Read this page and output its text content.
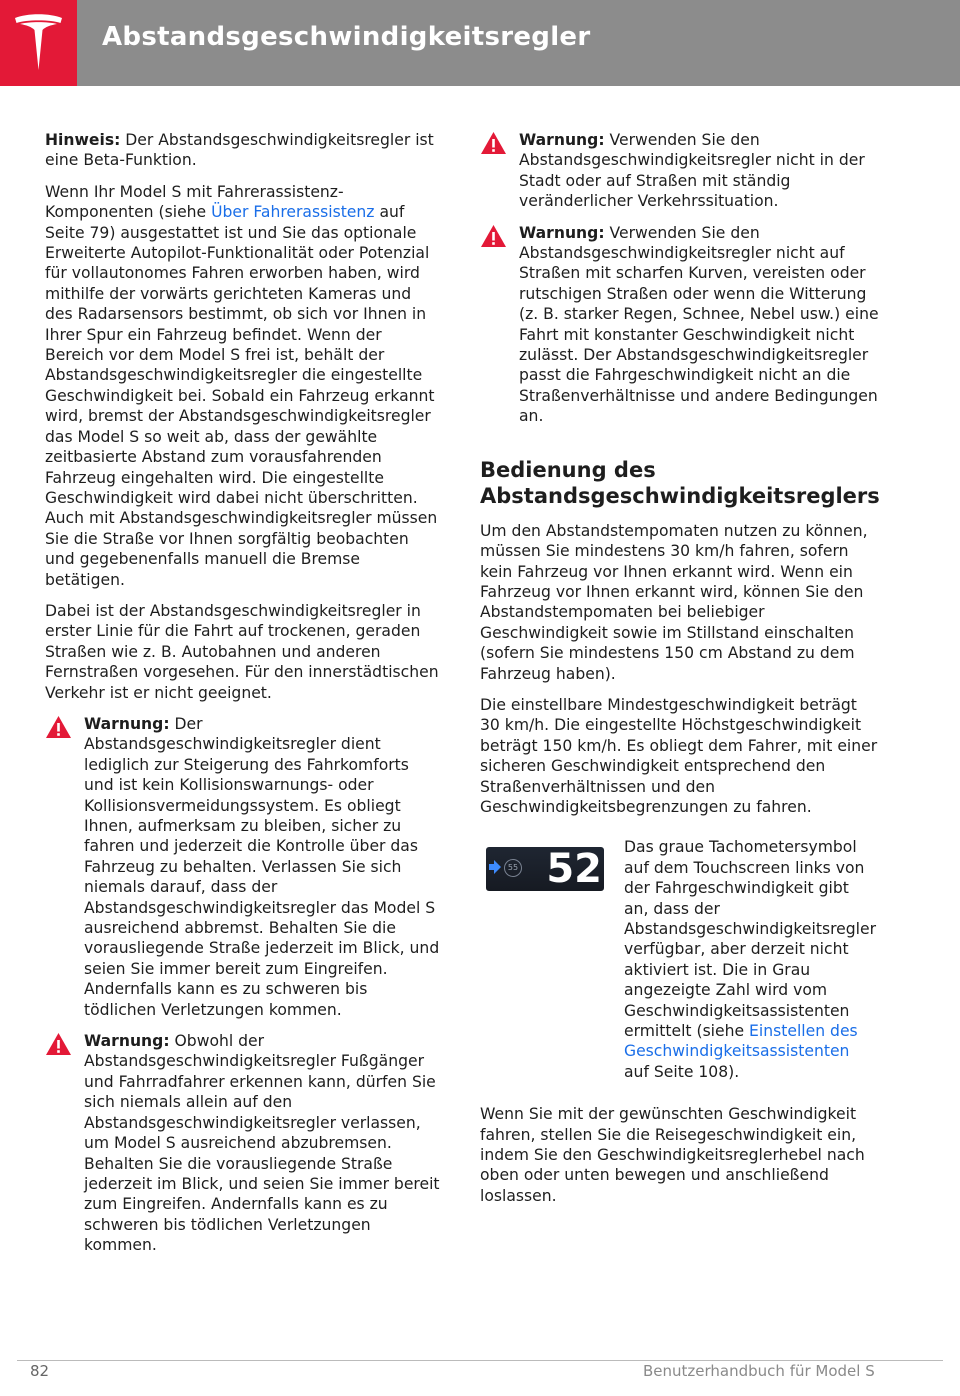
Abstandsgeschwindigkeitsregler

Hinweis: Der Abstandsgeschwindigkeitsregler ist eine Beta-Funktion.

Wenn Ihr Model S mit Fahrerassistenz-Komponenten (siehe Über Fahrerassistenz auf Seite 79) ausgestattet ist und Sie das optionale Erweiterte Autopilot-Funktionalität oder Potenzial für vollautonomes Fahren erworben haben, wird mithilfe der vorwärts gerichteten Kameras und des Radarsensors bestimmt, ob sich vor Ihnen in Ihrer Spur ein Fahrzeug befindet. Wenn der Bereich vor dem Model S frei ist, behält der Abstandsgeschwindigkeitsregler die eingestellte Geschwindigkeit bei. Sobald ein Fahrzeug erkannt wird, bremst der Abstandsgeschwindigkeitsregler das Model S so weit ab, dass der gewählte zeitbasierte Abstand zum vorausfahrenden Fahrzeug eingehalten wird. Die eingestellte Geschwindigkeit wird dabei nicht überschritten. Auch mit Abstandsgeschwindigkeitsregler müssen Sie die Straße vor Ihnen sorgfältig beobachten und gegebenenfalls manuell die Bremse betätigen.

Dabei ist der Abstandsgeschwindigkeitsregler in erster Linie für die Fahrt auf trockenen, geraden Straßen wie z. B. Autobahnen und anderen Fernstraßen vorgesehen. Für den innerstädtischen Verkehr ist er nicht geeignet.

Warnung: Der Abstandsgeschwindigkeitsregler dient lediglich zur Steigerung des Fahrkomforts und ist kein Kollisionswarnungs- oder Kollisionsvermeidungssystem. Es obliegt Ihnen, aufmerksam zu bleiben, sicher zu fahren und jederzeit die Kontrolle über das Fahrzeug zu behalten. Verlassen Sie sich niemals darauf, dass der Abstandsgeschwindigkeitsregler das Model S ausreichend abbremst. Behalten Sie die vorausliegende Straße jederzeit im Blick, und seien Sie immer bereit zum Eingreifen. Andernfalls kann es zu schweren bis tödlichen Verletzungen kommen.
Warnung: Obwohl der Abstandsgeschwindigkeitsregler Fußgänger und Fahrradfahrer erkennen kann, dürfen Sie sich niemals allein auf den Abstandsgeschwindigkeitsregler verlassen, um Model S ausreichend abzubremsen. Behalten Sie die vorausliegende Straße jederzeit im Blick, und seien Sie immer bereit zum Eingreifen. Andernfalls kann es zu schweren bis tödlichen Verletzungen kommen.
Warnung: Verwenden Sie den Abstandsgeschwindigkeitsregler nicht in der Stadt oder auf Straßen mit ständig veränderlicher Verkehrssituation.
Warnung: Verwenden Sie den Abstandsgeschwindigkeitsregler nicht auf Straßen mit scharfen Kurven, vereisten oder rutschigen Straßen oder wenn die Witterung (z. B. starker Regen, Schnee, Nebel usw.) eine Fahrt mit konstanter Geschwindigkeit nicht zulässt. Der Abstandsgeschwindigkeitsregler passt die Fahrgeschwindigkeit nicht an die Straßenverhältnisse und andere Bedingungen an.
Bedienung des Abstandsgeschwindigkeitsreglers

Um den Abstandstempomaten nutzen zu können, müssen Sie mindestens 30 km/h fahren, sofern kein Fahrzeug vor Ihnen erkannt wird. Wenn ein Fahrzeug vor Ihnen erkannt wird, können Sie den Abstandstempomaten bei beliebiger Geschwindigkeit sowie im Stillstand einschalten (sofern Sie mindestens 150 cm Abstand zu dem Fahrzeug haben).

Die einstellbare Mindestgeschwindigkeit beträgt 30 km/h. Die eingestellte Höchstgeschwindigkeit beträgt 150 km/h. Es obliegt dem Fahrer, mit einer sicheren Geschwindigkeit entsprechend den Straßenverhältnissen und den Geschwindigkeitsbegrenzungen zu fahren.

55 52 Das graue Tachometersymbol auf dem Touchscreen links von der Fahrgeschwindigkeit gibt an, dass der Abstandsgeschwindigkeitsregler verfügbar, aber derzeit nicht aktiviert ist. Die in Grau angezeigte Zahl wird vom Geschwindigkeitsassistenten ermittelt (siehe Einstellen des Geschwindigkeitsassistenten auf Seite 108).

Wenn Sie mit der gewünschten Geschwindigkeit fahren, stellen Sie die Reisegeschwindigkeit ein, indem Sie den Geschwindigkeitsreglerhebel nach oben oder unten bewegen und anschließend loslassen.

82	Benutzerhandbuch für Model S
